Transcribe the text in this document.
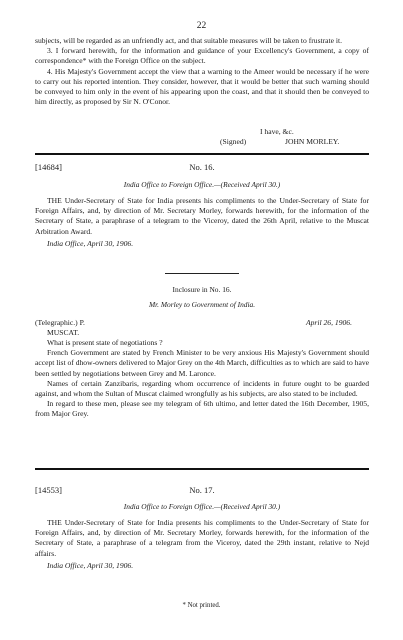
22

subjects, will be regarded as an unfriendly act, and that suitable measures will be taken to frustrate it.

3. I forward herewith, for the information and guidance of your Excellency's Government, a copy of correspondence* with the Foreign Office on the subject.

4. His Majesty's Government accept the view that a warning to the Ameer would be necessary if he were to carry out his reported intention. They consider, however, that it would be better that such warning should be conveyed to him only in the event of his appearing upon the coast, and that it should then be conveyed to him directly, as proposed by Sir N. O'Conor.

I have, &c.
(Signed)	JOHN MORLEY.
[14684]	No. 16.
India Office to Foreign Office.—(Received April 30.)

THE Under-Secretary of State for India presents his compliments to the Under-Secretary of State for Foreign Affairs, and, by direction of Mr. Secretary Morley, forwards herewith, for the information of the Secretary of State, a paraphrase of a telegram to the Viceroy, dated the 26th April, relative to the Muscat Arbitration Award.

India Office, April 30, 1906.

Inclosure in No. 16.
Mr. Morley to Government of India.
(Telegraphic.) P.	April 26, 1906.
MUSCAT.

What is present state of negotiations ?

French Government are stated by French Minister to be very anxious His Majesty's Government should accept list of dhow-owners delivered to Major Grey on the 4th March, difficulties as to which are said to have been settled by negotiations between Grey and M. Laronce.

Names of certain Zanzibaris, regarding whom occurrence of incidents in future ought to be guarded against, and whom the Sultan of Muscat claimed wrongfully as his subjects, are also stated to be included.

In regard to these men, please see my telegram of 6th ultimo, and letter dated the 16th December, 1905, from Major Grey.

[14553]	No. 17.
India Office to Foreign Office.—(Received April 30.)

THE Under-Secretary of State for India presents his compliments to the Under-Secretary of State for Foreign Affairs, and, by direction of Mr. Secretary Morley, forwards herewith, for the information of the Secretary of State, a paraphrase of a telegram from the Viceroy, dated the 29th instant, relative to Nejd affairs.

India Office, April 30, 1906.

* Not printed.
